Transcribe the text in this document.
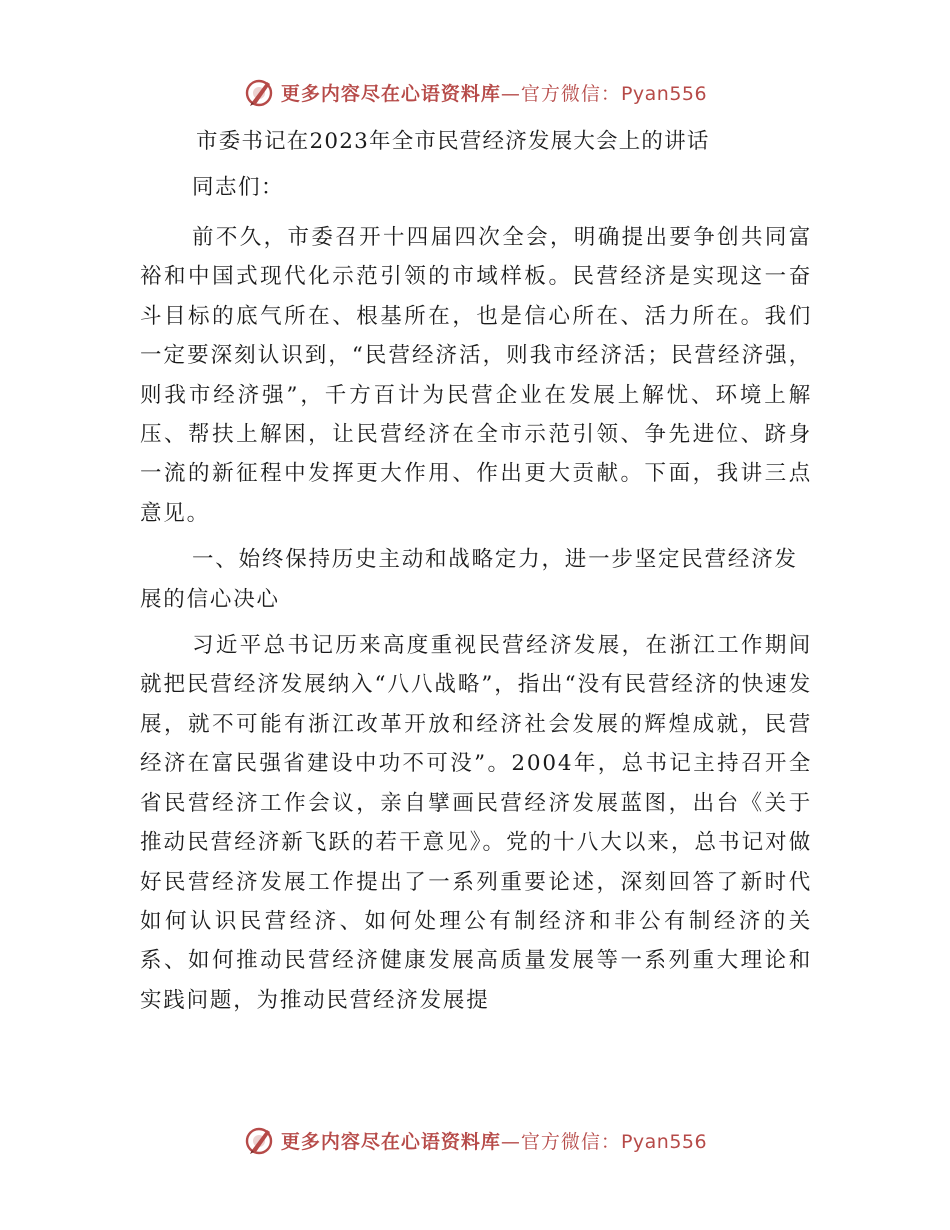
更多内容尽在心语资料库—官方微信：Pyan556
市委书记在2023年全市民营经济发展大会上的讲话
同志们：

前不久，市委召开十四届四次全会，明确提出要争创共同富裕和中国式现代化示范引领的市域样板。民营经济是实现这一奋斗目标的底气所在、根基所在，也是信心所在、活力所在。我们一定要深刻认识到，“民营经济活，则我市经济活；民营经济强，则我市经济强”，千方百计为民营企业在发展上解忧、环境上解压、帮扶上解困，让民营经济在全市示范引领、争先进位、跻身一流的新征程中发挥更大作用、作出更大贡献。下面，我讲三点意见。

一、始终保持历史主动和战略定力，进一步坚定民营经济发展的信心决心

习近平总书记历来高度重视民营经济发展，在浙江工作期间就把民营经济发展纳入“八八战略”，指出“没有民营经济的快速发展，就不可能有浙江改革开放和经济社会发展的辉煌成就，民营经济在富民强省建设中功不可没”。2004年，总书记主持召开全省民营经济工作会议，亲自擘画民营经济发展蓝图，出台《关于推动民营经济新飞跃的若干意见》。党的十八大以来，总书记对做好民营经济发展工作提出了一系列重要论述，深刻回答了新时代如何认识民营经济、如何处理公有制经济和非公有制经济的关系、如何推动民营经济健康发展高质量发展等一系列重大理论和实践问题，为推动民营经济发展提

更多内容尽在心语资料库—官方微信：Pyan556
